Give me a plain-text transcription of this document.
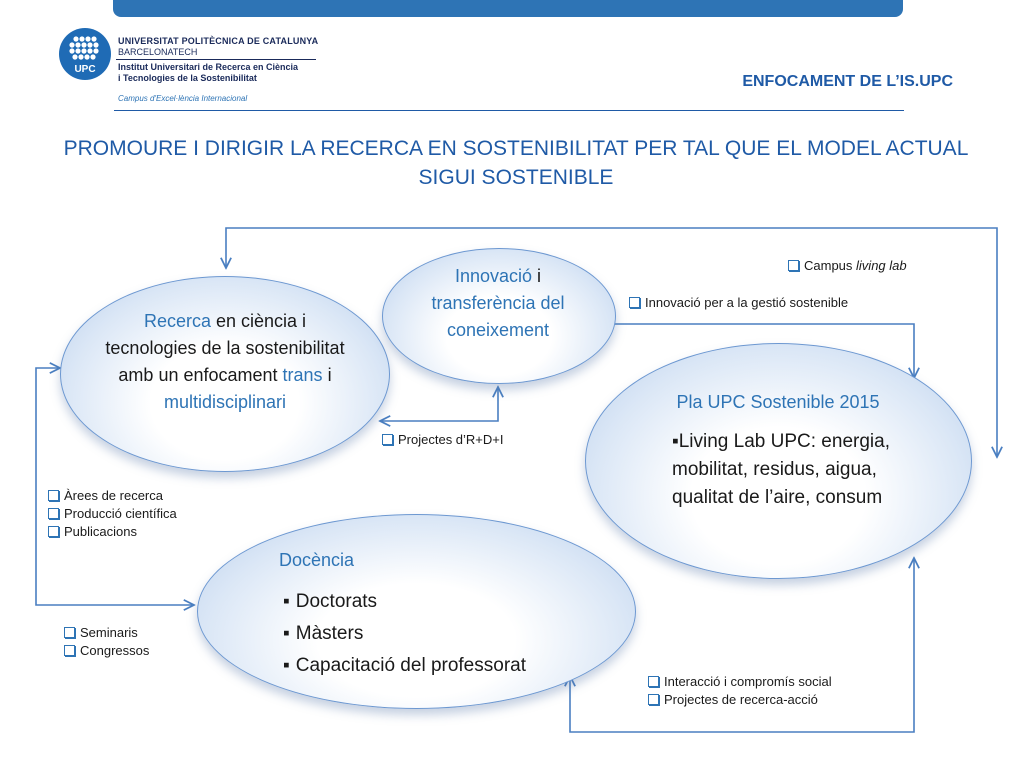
UPC
UNIVERSITAT POLITÈCNICA DE CATALUNYA
BARCELONATECH
Institut Universitari de Recerca en Ciència
i Tecnologies de la Sostenibilitat
Campus d'Excel·lència Internacional
ENFOCAMENT DE L’IS.UPC
PROMOURE I DIRIGIR LA RECERCA EN SOSTENIBILITAT PER TAL QUE EL MODEL ACTUAL SIGUI SOSTENIBLE
Recerca en ciència i tecnologies de la sostenibilitat amb un enfocament trans i multidisciplinari
Innovació i transferència del coneixement
Pla UPC Sostenible 2015
▪Living Lab UPC: energia, mobilitat, residus, aigua, qualitat de l’aire, consum
Docència
▪ Doctorats
▪ Màsters
▪ Capacitació del professorat
Campus living lab
Innovació per a la gestió sostenible
Projectes d’R+D+I
Àrees de recerca
Producció científica
Publicacions
Seminaris
Congressos
Interacció i compromís social
Projectes de recerca-acció
